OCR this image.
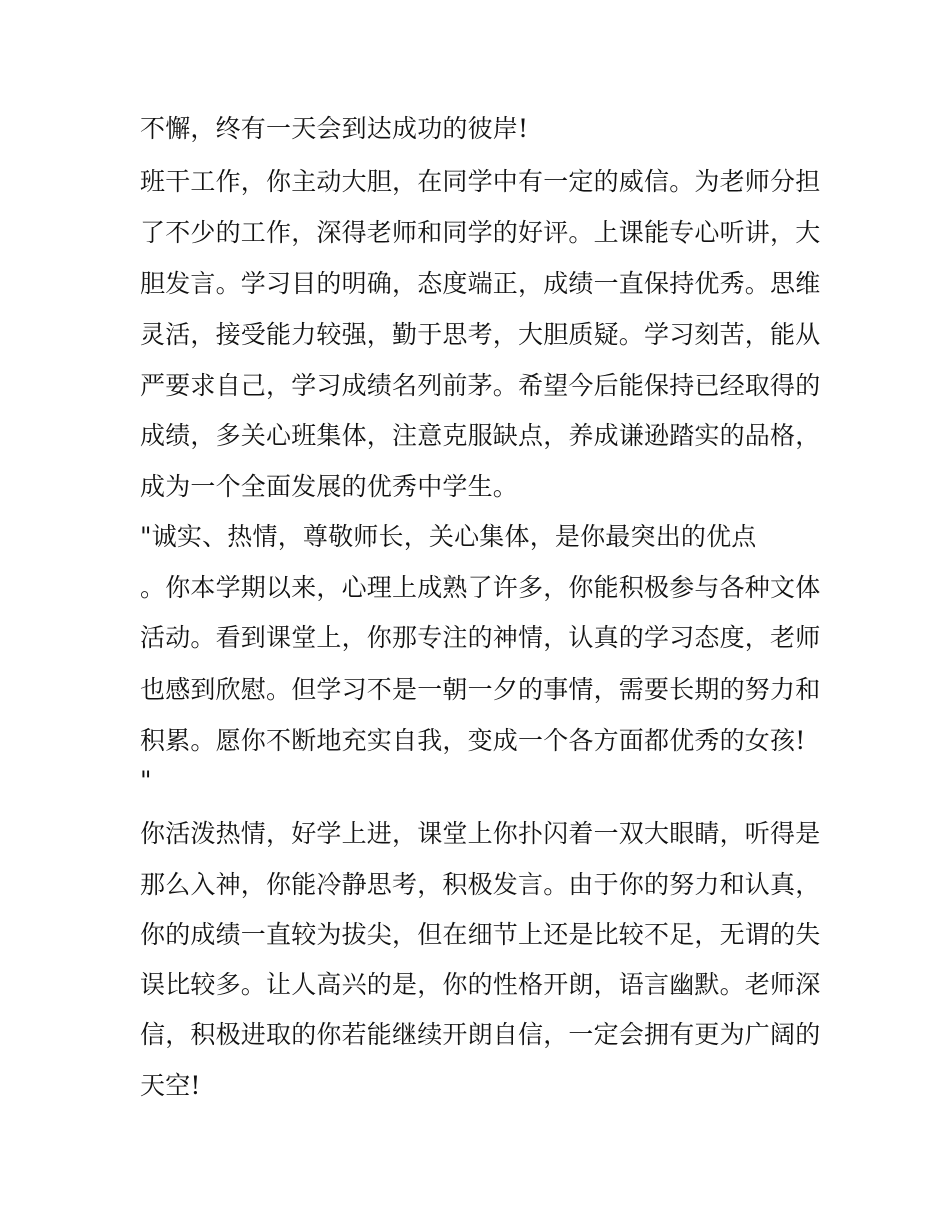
不懈，终有一天会到达成功的彼岸!
班干工作，你主动大胆，在同学中有一定的威信。为老师分担
了不少的工作，深得老师和同学的好评。上课能专心听讲，大
胆发言。学习目的明确，态度端正，成绩一直保持优秀。思维
灵活，接受能力较强，勤于思考，大胆质疑。学习刻苦，能从
严要求自己，学习成绩名列前茅。希望今后能保持已经取得的
成绩，多关心班集体，注意克服缺点，养成谦逊踏实的品格，
成为一个全面发展的优秀中学生。
"诚实、热情，尊敬师长，关心集体，是你最突出的优点
。你本学期以来，心理上成熟了许多，你能积极参与各种文体
活动。看到课堂上，你那专注的神情，认真的学习态度，老师
也感到欣慰。但学习不是一朝一夕的事情，需要长期的努力和
积累。愿你不断地充实自我，变成一个各方面都优秀的女孩!
"
你活泼热情，好学上进，课堂上你扑闪着一双大眼睛，听得是
那么入神，你能冷静思考，积极发言。由于你的努力和认真，
你的成绩一直较为拔尖，但在细节上还是比较不足，无谓的失
误比较多。让人高兴的是，你的性格开朗，语言幽默。老师深
信，积极进取的你若能继续开朗自信，一定会拥有更为广阔的
天空!
